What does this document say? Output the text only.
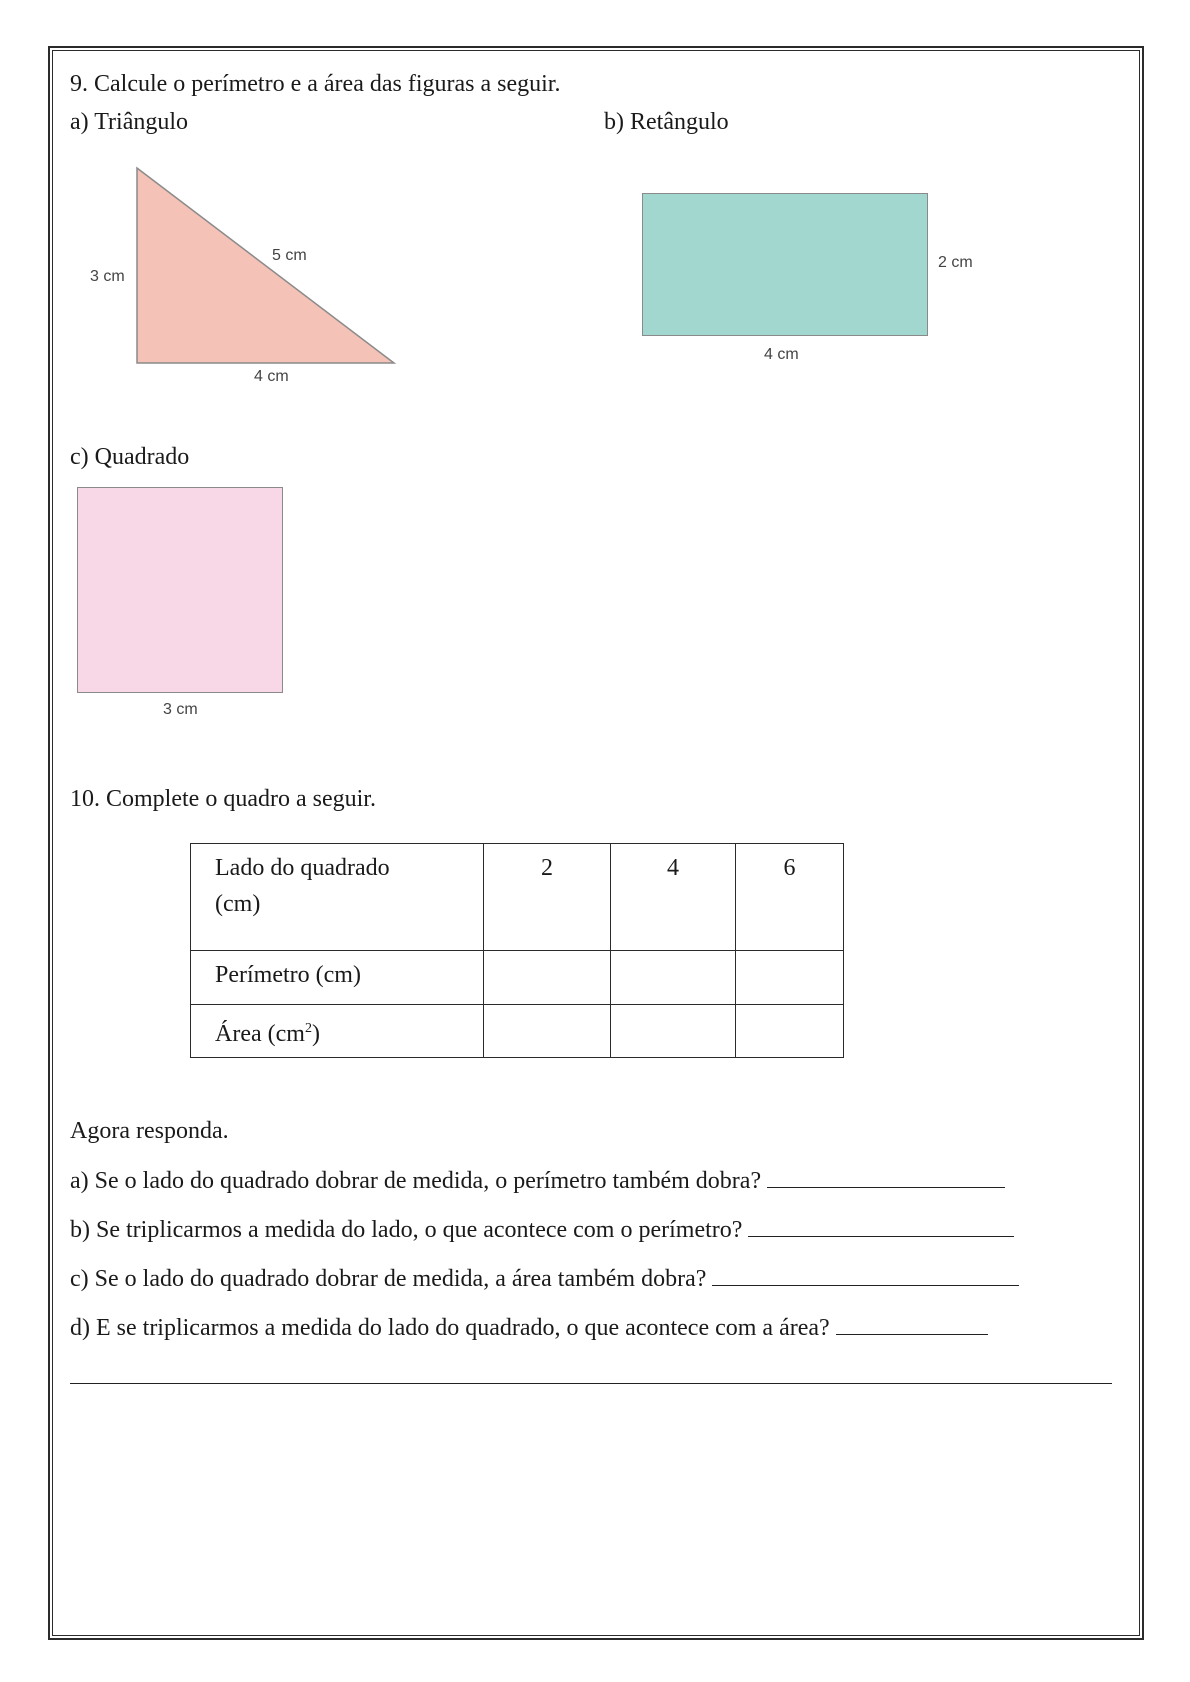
9. Calcule o perímetro e a área das figuras a seguir.
a) Triângulo	b) Retângulo
3 cm
5 cm
4 cm
2 cm
4 cm
c) Quadrado
3 cm
10. Complete o quadro a seguir.
Lado do quadrado
(cm)	2	4	6
Perímetro (cm)			
Área $(cm^2)$			
Agora responda.
a) Se o lado do quadrado dobrar de medida, o perímetro também dobra?
b) Se triplicarmos a medida do lado, o que acontece com o perímetro?
c) Se o lado do quadrado dobrar de medida, a área também dobra?
d) E se triplicarmos a medida do lado do quadrado, o que acontece com a área?
